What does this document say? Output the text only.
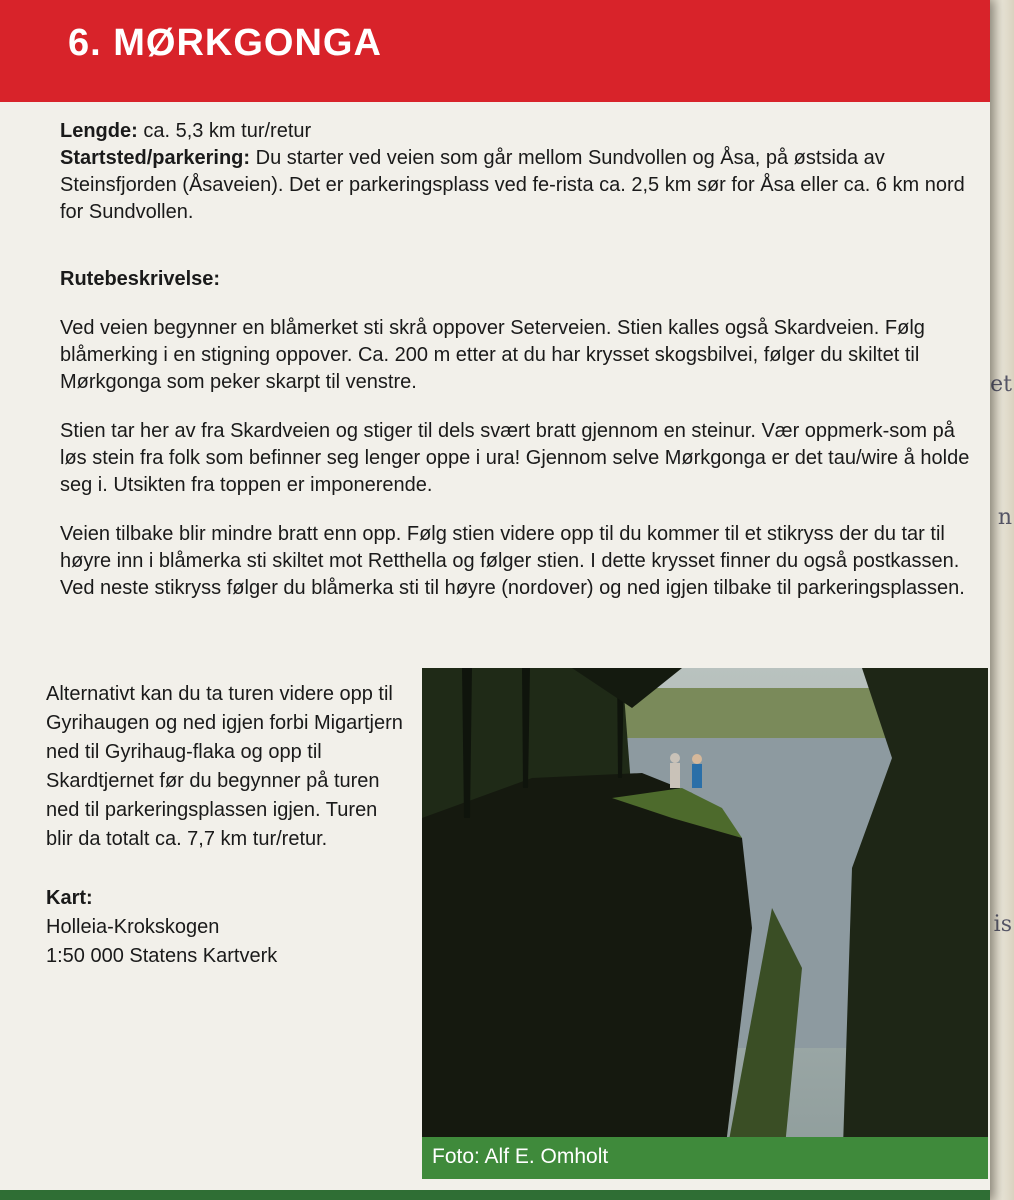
et
n
is
6. MØRKGONGA

Lengde: ca. 5,3 km tur/retur
Startsted/parkering: Du starter ved veien som går mellom Sundvollen og Åsa, på østsida av Steinsfjorden (Åsaveien). Det er parkeringsplass ved fe-rista ca. 2,5 km sør for Åsa eller ca. 6 km nord for Sundvollen.

Rutebeskrivelse:

Ved veien begynner en blåmerket sti skrå oppover Seterveien. Stien kalles også Skardveien. Følg blåmerking i en stigning oppover. Ca. 200 m etter at du har krysset skogsbilvei, følger du skiltet til Mørkgonga som peker skarpt til venstre.

Stien tar her av fra Skardveien og stiger til dels svært bratt gjennom en steinur. Vær oppmerk-som på løs stein fra folk som befinner seg lenger oppe i ura! Gjennom selve Mørkgonga er det tau/wire å holde seg i. Utsikten fra toppen er imponerende.

Veien tilbake blir mindre bratt enn opp. Følg stien videre opp til du kommer til et stikryss der du tar til høyre inn i blåmerka sti skiltet mot Retthella og følger stien. I dette krysset finner du også postkassen. Ved neste stikryss følger du blåmerka sti til høyre (nordover) og ned igjen tilbake til parkeringsplassen.

Alternativt kan du ta turen videre opp til Gyrihaugen og ned igjen forbi Migartjern ned til Gyrihaug-flaka og opp til Skardtjernet før du begynner på turen ned til parkeringsplassen igjen. Turen blir da totalt ca. 7,7 km tur/retur.

Kart:
Holleia-Krokskogen
1:50 000 Statens Kartverk
Foto: Alf E. Omholt
